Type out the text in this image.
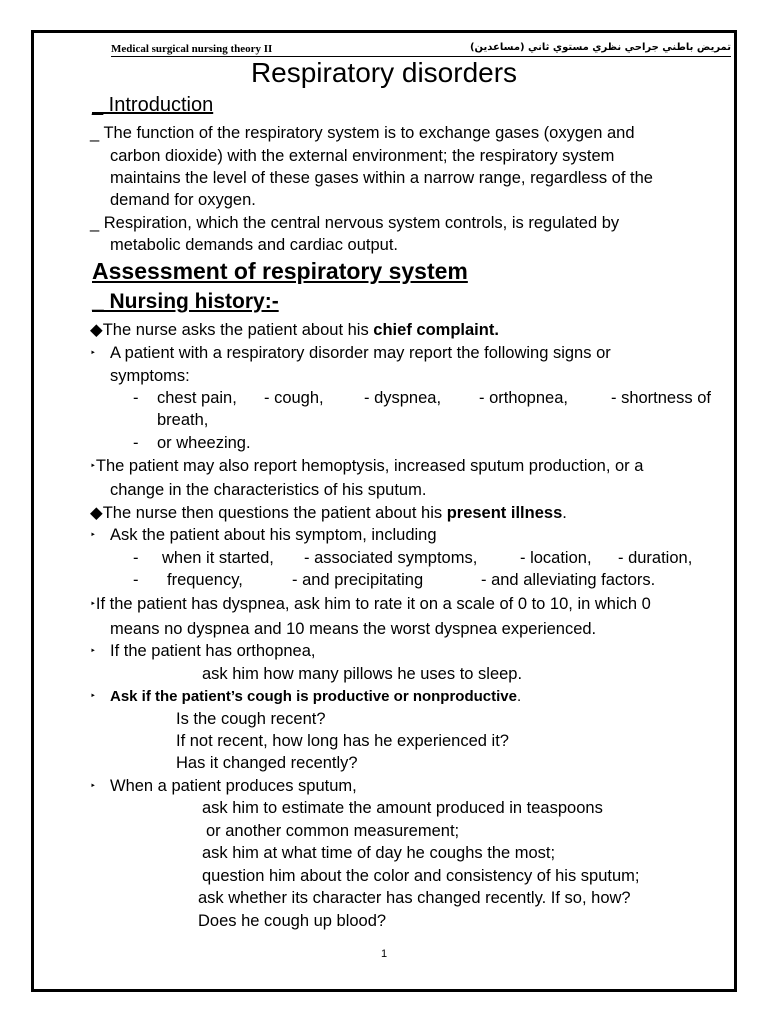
Medical surgical nursing theory II	تمريض باطني جراحي نظري مستوي ثاني (مساعدين)
Respiratory disorders
_ Introduction
_ The function of the respiratory system is to exchange gases (oxygen and
carbon dioxide) with the external environment; the respiratory system
maintains the level of these gases within a narrow range, regardless of the
demand for oxygen.
_ Respiration, which the central nervous system controls, is regulated by
metabolic demands and cardiac output.
Assessment of respiratory system
_ Nursing history:-
◆The nurse asks the patient about his chief complaint.
‣ A patient with a respiratory disorder may report the following signs or
symptoms:
- chest pain, - cough, - dyspnea, - orthopnea,	- shortness of
breath,
- or wheezing.
‣The patient may also report hemoptysis, increased sputum production, or a
change in the characteristics of his sputum.
◆The nurse then questions the patient about his present illness.
‣ Ask the patient about his symptom, including
- when it started, - associated symptoms,	- location, - duration,
- frequency,	- and precipitating	- and alleviating factors.
‣If the patient has dyspnea, ask him to rate it on a scale of 0 to 10, in which 0
means no dyspnea and 10 means the worst dyspnea experienced.
‣ If the patient has orthopnea,
ask him how many pillows he uses to sleep.
‣ Ask if the patient’s cough is productive or nonproductive.
Is the cough recent?
If not recent, how long has he experienced it?
Has it changed recently?
‣ When a patient produces sputum,
ask him to estimate the amount produced in teaspoons
or another common measurement;
ask him at what time of day he coughs the most;
question him about the color and consistency of his sputum;
ask whether its character has changed recently. If so, how?
Does he cough up blood?
1
